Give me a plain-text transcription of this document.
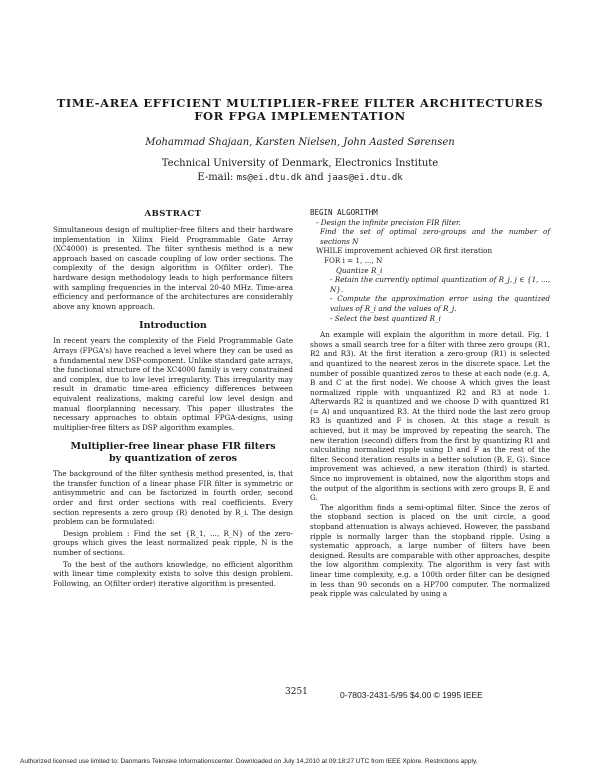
TIME-AREA EFFICIENT MULTIPLIER-FREE FILTER ARCHITECTURES
FOR FPGA IMPLEMENTATION
Mohammad Shajaan, Karsten Nielsen, John Aasted Sørensen
Technical University of Denmark, Electronics Institute
E-mail: ms@ei.dtu.dk and jaas@ei.dtu.dk
ABSTRACT

Simultaneous design of multiplier-free filters and their hardware implementation in Xilinx Field Programmable Gate Array (XC4000) is presented. The filter synthesis method is a new approach based on cascade coupling of low order sections. The complexity of the design algorithm is O(filter order). The hardware design methodology leads to high performance filters with sampling frequencies in the interval 20-40 MHz. Time-area efficiency and performance of the architectures are considerably above any known approach.

Introduction

In recent years the complexity of the Field Programmable Gate Arrays (FPGA's) have reached a level where they can be used as a fundamental new DSP-component. Unlike standard gate arrays, the functional structure of the XC4000 family is very constrained and complex, due to low level irregularity. This irregularity may result in dramatic time-area efficiency differences between equivalent realizations, making careful low level design and manual floorplanning necessary. This paper illustrates the necessary approaches to obtain optimal FPGA-designs, using multiplier-free filters as DSP algorithm examples.

Multiplier-free linear phase FIR filters
by quantization of zeros

The background of the filter synthesis method presented, is, that the transfer function of a linear phase FIR filter is symmetric or antisymmetric and can be factorized in fourth order, second order and first order sections with real coefficients. Every section represents a zero group (R) denoted by R_i. The design problem can be formulated:

Design problem : Find the set {R_1, ..., R_N} of the zero-groups which gives the least normalized peak ripple, N is the number of sections.

To the best of the authors knowledge, no efficient algorithm with linear time complexity exists to solve this design problem. Following, an O(filter order) iterative algorithm is presented.

BEGIN ALGORITHM
- Design the infinite precision FIR filter.
Find the set of optimal zero-groups and the number of sections N
WHILE improvement achieved OR first iteration
FOR i = 1, ..., N
Quantize R_i
- Retain the currently optimal quantization of R_j, j ∈ {1, ..., N}.
- Compute the approximation error using the quantized values of R_i and the values of R_j.
- Select the best quantized R_i

An example will explain the algorithm in more detail. Fig. 1 shows a small search tree for a filter with three zero groups (R1, R2 and R3). At the first iteration a zero-group (R1) is selected and quantized to the nearest zeros in the discrete space. Let the number of possible quantized zeros to these at each node (e.g. A, B and C at the first node). We choose A which gives the least normalized ripple with unquantized R2 and R3 at node 1. Afterwards R2 is quantized and we choose D with quantized R1 (= A) and unquantized R3. At the third node the last zero group R3 is quantized and F is chosen. At this stage a result is achieved, but it may be improved by repeating the search. The new iteration (second) differs from the first by quantizing R1 and calculating normalized ripple using D and F as the rest of the filter. Second iteration results in a better solution (B, E, G). Since improvement was achieved, a new iteration (third) is started. Since no improvement is obtained, now the algorithm stops and the output of the algorithm is sections with zero groups B, E and G.

The algorithm finds a semi-optimal filter. Since the zeros of the stopband section is placed on the unit circle, a good stopband attenuation is always achieved. However, the passband ripple is normally larger than the stopband ripple. Using a systematic approach, a large number of filters have been designed. Results are comparable with other approaches, despite the low algorithm complexity. The algorithm is very fast with linear time complexity, e.g. a 100th order filter can be designed in less than 90 seconds on a HP700 computer. The normalized peak ripple was calculated by using a

3251	0-7803-2431-5/95 $4.00 © 1995 IEEE
Authorized licensed use limited to: Danmarks Tekniske Informationscenter. Downloaded on July 14,2010 at 09:18:27 UTC from IEEE Xplore. Restrictions apply.
